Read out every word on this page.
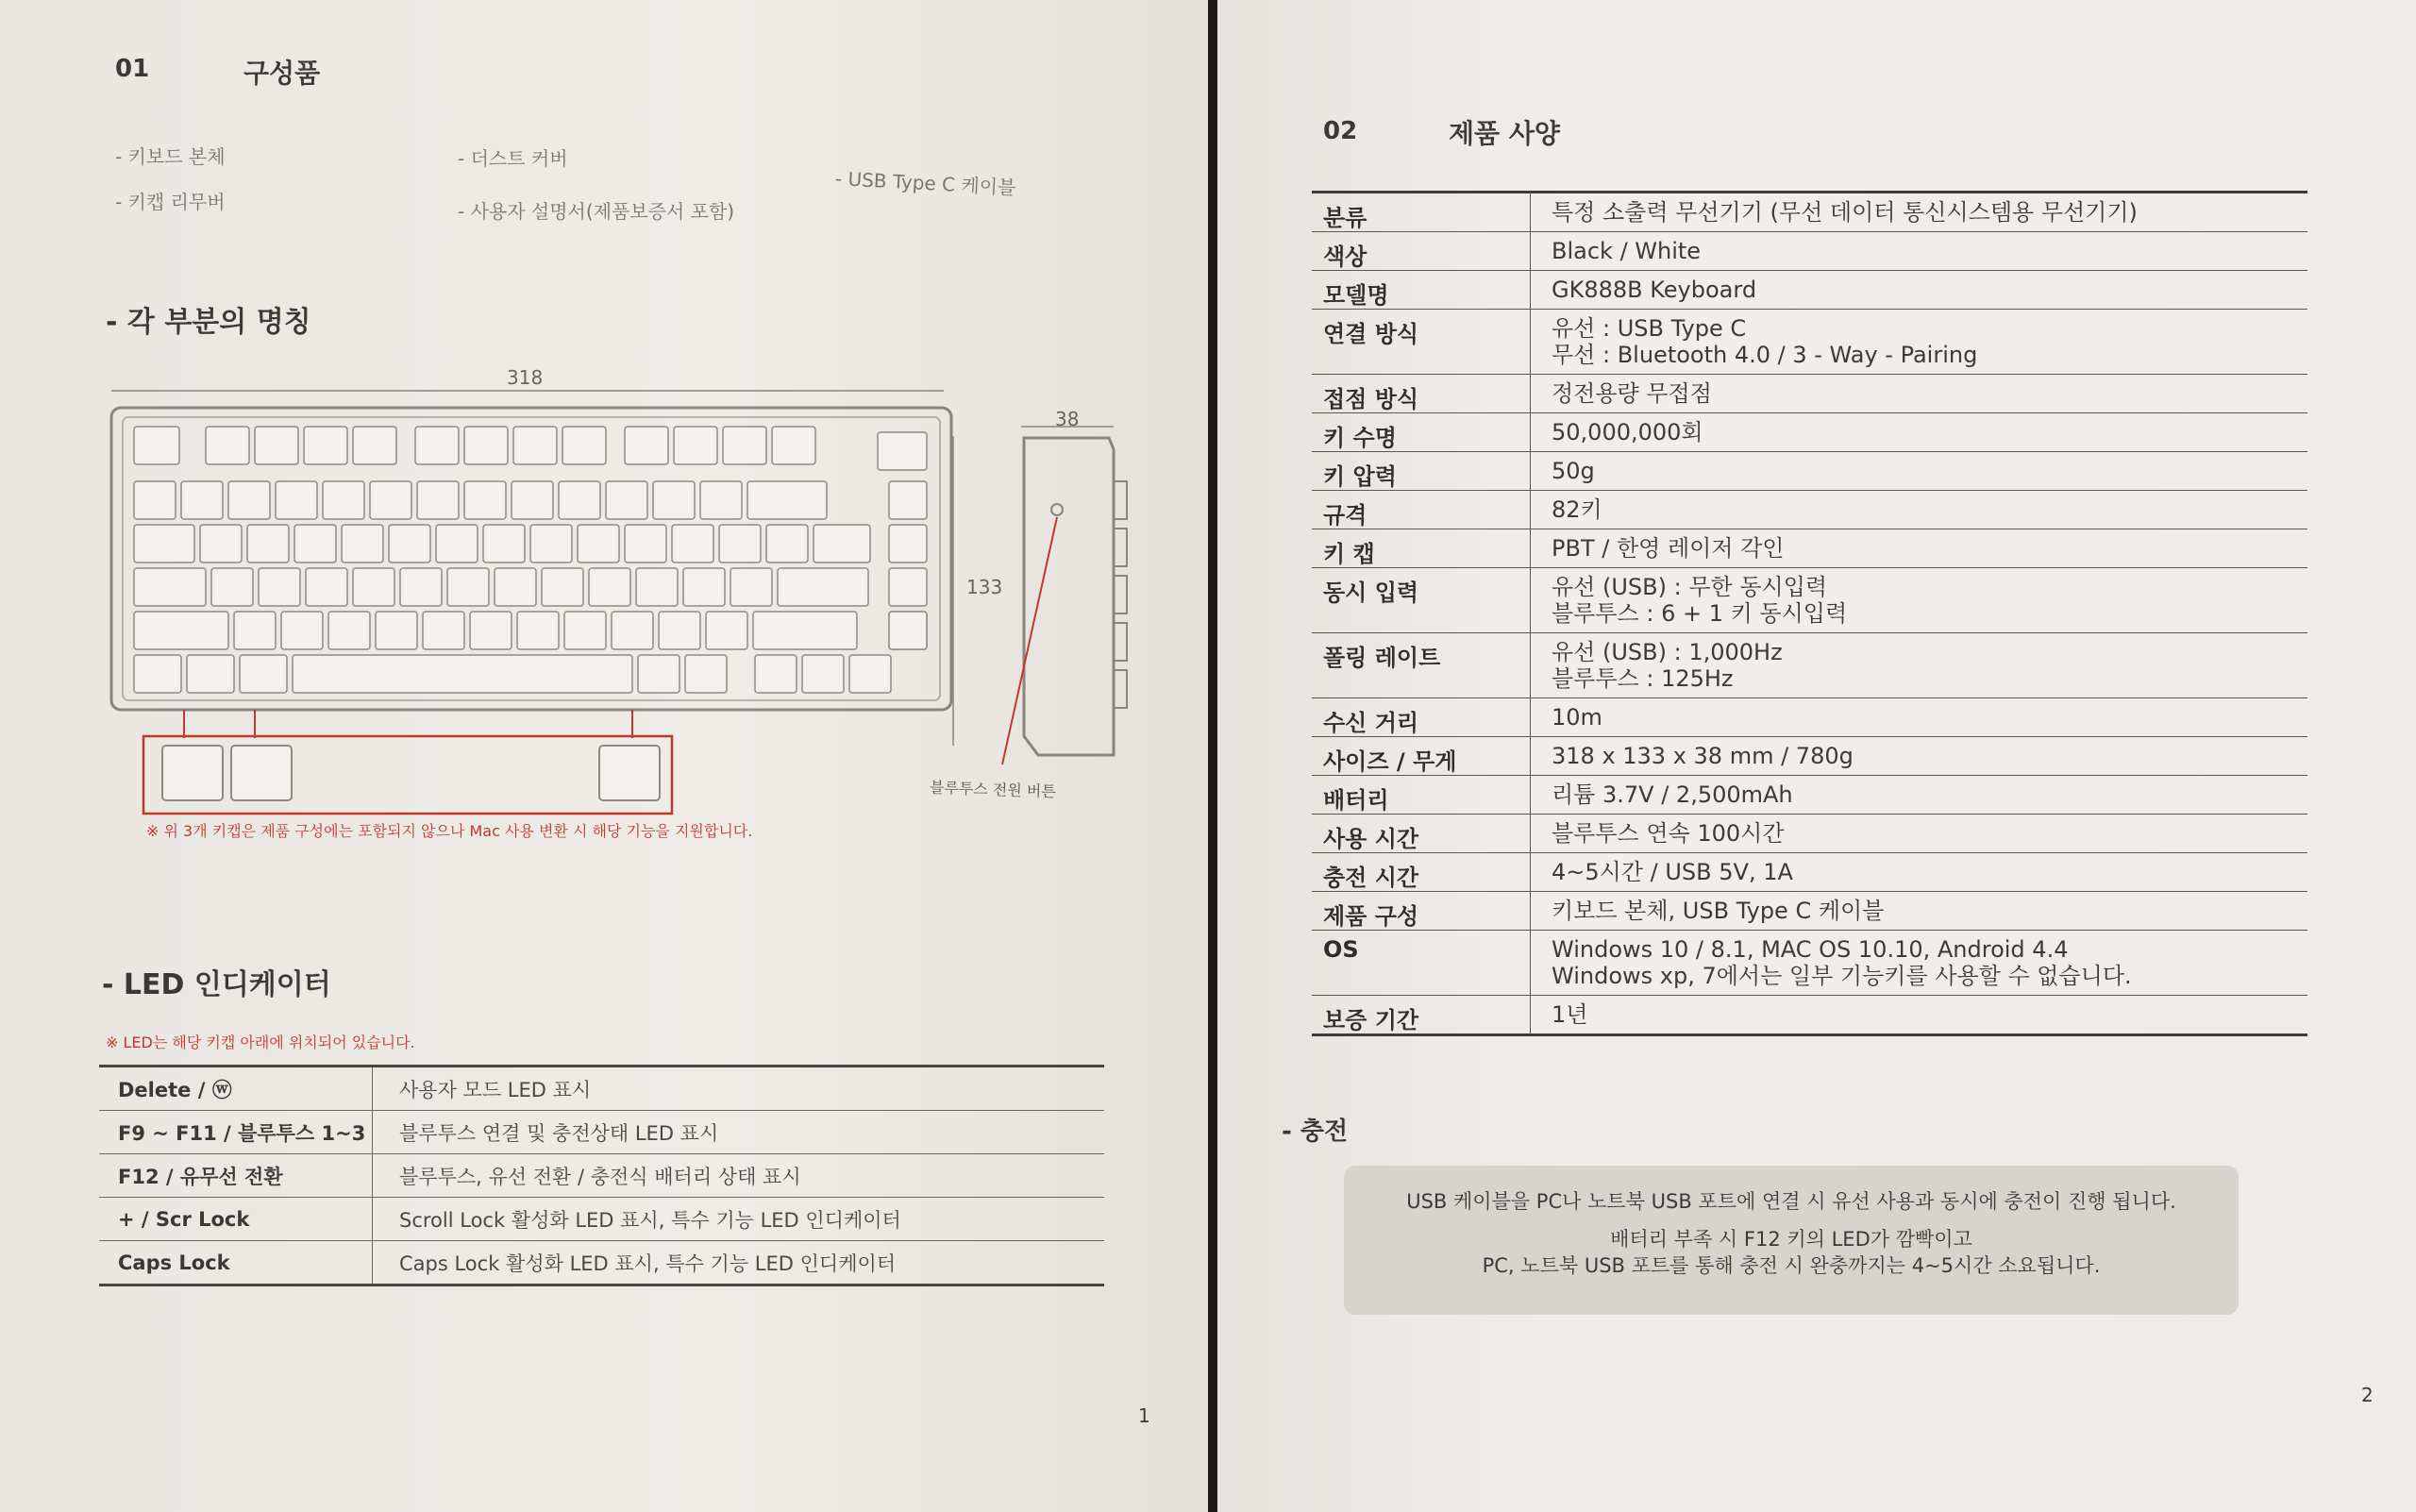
01	구성품
- 키보드 본체
- 키캡 리무버
- 더스트 커버
- 사용자 설명서(제품보증서 포함)
- USB Type C 케이블
- 각 부분의 명칭
318
38
133
블루투스 전원 버튼
※ 위 3개 키캡은 제품 구성에는 포함되지 않으나 Mac 사용 변환 시 해당 기능을 지원합니다.
- LED 인디케이터
※ LED는 해당 키캡 아래에 위치되어 있습니다.
Delete / ⓦ	사용자 모드 LED 표시
F9 ~ F11 / 블루투스 1~3	블루투스 연결 및 충전상태 LED 표시
F12 / 유무선 전환	블루투스, 유선 전환 / 충전식 배터리 상태 표시
+ / Scr Lock	Scroll Lock 활성화 LED 표시, 특수 기능 LED 인디케이터
Caps Lock	Caps Lock 활성화 LED 표시, 특수 기능 LED 인디케이터
1
02	제품 사양
- 충전
2
분류	특정 소출력 무선기기 (무선 데이터 통신시스템용 무선기기)
색상	Black / White
모델명	GK888B Keyboard
연결 방식	유선 : USB Type C
무선 : Bluetooth 4.0 / 3 - Way - Pairing
접점 방식	정전용량 무접점
키 수명	50,000,000회
키 압력	50g
규격	82키
키 캡	PBT / 한영 레이저 각인
동시 입력	유선 (USB) : 무한 동시입력
블루투스 : 6 + 1 키 동시입력
폴링 레이트	유선 (USB) : 1,000Hz
블루투스 : 125Hz
수신 거리	10m
사이즈 / 무게	318 x 133 x 38 mm / 780g
배터리	리튬 3.7V / 2,500mAh
사용 시간	블루투스 연속 100시간
충전 시간	4~5시간 / USB 5V, 1A
제품 구성	키보드 본체, USB Type C 케이블
OS	Windows 10 / 8.1, MAC OS 10.10, Android 4.4
Windows xp, 7에서는 일부 기능키를 사용할 수 없습니다.
보증 기간	1년
USB 케이블을 PC나 노트북 USB 포트에 연결 시 유선 사용과 동시에 충전이 진행 됩니다.
배터리 부족 시 F12 키의 LED가 깜빡이고
PC, 노트북 USB 포트를 통해 충전 시 완충까지는 4~5시간 소요됩니다.
